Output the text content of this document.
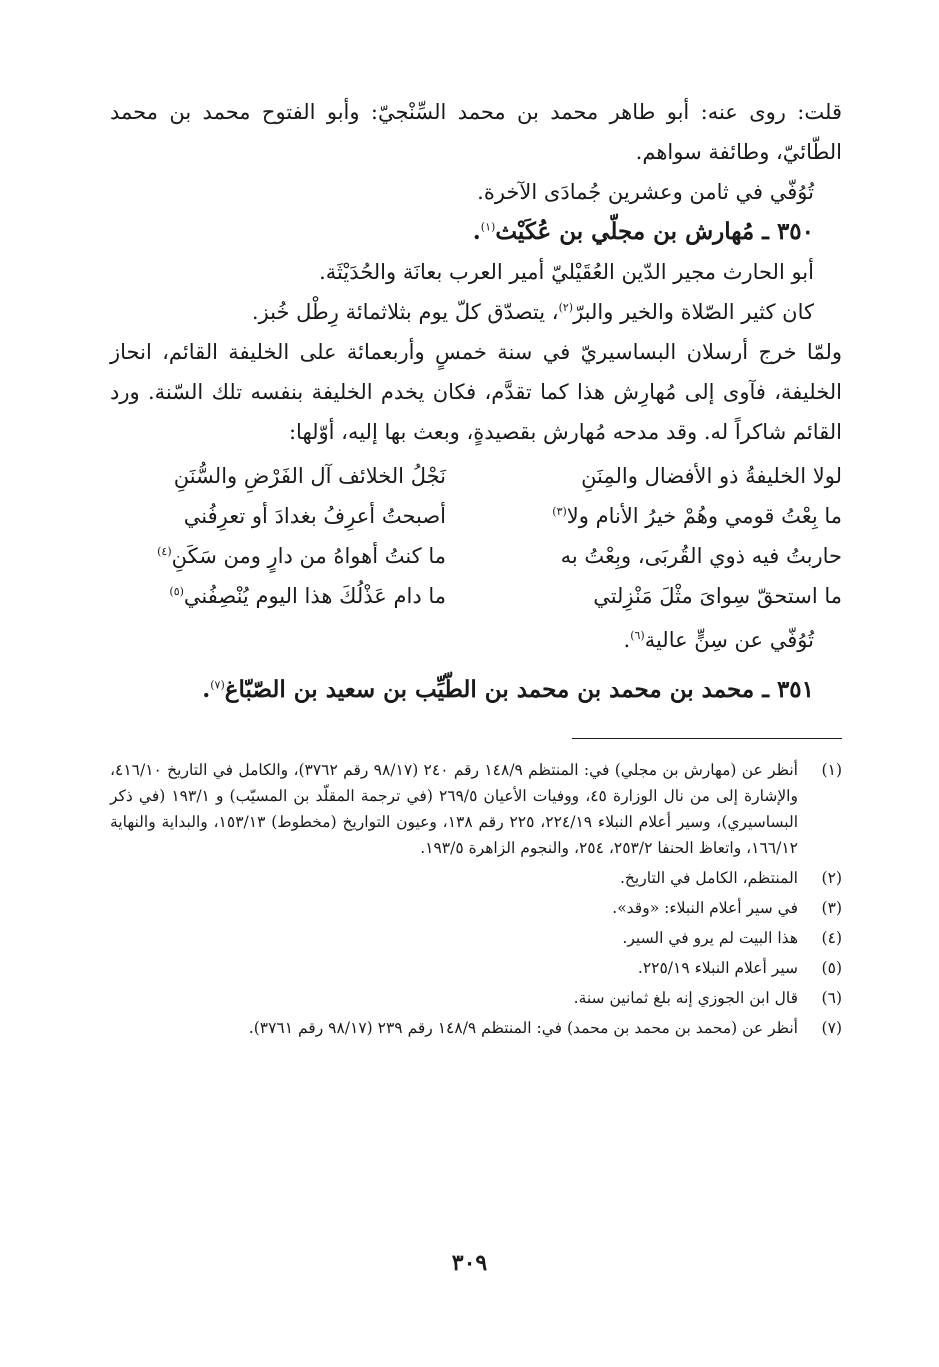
قلت: روى عنه: أبو طاهر محمد بن محمد السِّنْجيّ: وأبو الفتوح محمد بن محمد الطّائيّ، وطائفة سواهم.

تُوُفّي في ثامن وعشرين جُمادَى الآخرة.

٣٥٠ ـ مُهارش بن مجلّي بن عُكَيْث$^{(١)}$.

أبو الحارث مجير الدّين العُقَيْليّ أمير العرب بعانَة والحُدَيْثَة.

كان كثير الصّلاة والخير والبرّ$^{(٢)}$، يتصدّق كلّ يوم بثلاثمائة رِطْل خُبز.

ولمّا خرج أرسلان البساسيريّ في سنة خمسٍ وأربعمائة على الخليفة القائم، انحاز الخليفة، فآوى إلى مُهارِش هذا كما تقدَّم، فكان يخدم الخليفة بنفسه تلك السّنة. ورد القائم شاكراً له. وقد مدحه مُهارش بقصيدةٍ، وبعث بها إليه، أوّلها:

لولا الخليفةُ ذو الأفضال والمِنَنِ
نَجْلُ الخلائف آل الفَرْضِ والسُّنَنِ
ما بِعْتُ قومي وهُمْ خيرُ الأنام ولا$^{(٣)}$
أصبحتُ أعرِفُ بغدادَ أو تعرِفُني
حاربتُ فيه ذوي القُربَى، وبِعْتُ به
ما كنتُ أهواهُ من دارٍ ومن سَكَنِ$^{(٤)}$
ما استحقّ سِواىَ مثْلَ مَنْزِلتي
ما دام عَذْلُكَ هذا اليوم يُنْصِفُني$^{(٥)}$

تُوُفّي عن سِنٍّ عالية$^{(٦)}$.

٣٥١ ـ محمد بن محمد بن محمد بن الطّيِّب بن سعيد بن الصّبّاغ$^{(٧)}$.

(١)
أنظر عن (مهارش بن مجلي) في: المنتظم ١٤٨/٩ رقم ٢٤٠ (٩٨/١٧ رقم ٣٧٦٢)، والكامل في التاريخ ٤١٦/١٠، والإشارة إلى من نال الوزارة ٤٥، ووفيات الأعيان ٢٦٩/٥ (في ترجمة المقلّد بن المسيّب) و ١٩٣/١ (في ذكر البساسيري)، وسير أعلام النبلاء ٢٢٤/١٩، ٢٢٥ رقم ١٣٨، وعيون التواريخ (مخطوط) ١٥٣/١٣، والبداية والنهاية ١٦٦/١٢، واتعاظ الحنفا ٢٥٣/٢، ٢٥٤، والنجوم الزاهرة ١٩٣/٥.
(٢)
المنتظم، الكامل في التاريخ.
(٣)
في سير أعلام النبلاء: «وقد».
(٤)
هذا البيت لم يرو في السير.
(٥)
سير أعلام النبلاء ٢٢٥/١٩.
(٦)
قال ابن الجوزي إنه بلغ ثمانين سنة.
(٧)
أنظر عن (محمد بن محمد بن محمد) في: المنتظم ١٤٨/٩ رقم ٢٣٩ (٩٨/١٧ رقم ٣٧٦١).
٣٠٩
